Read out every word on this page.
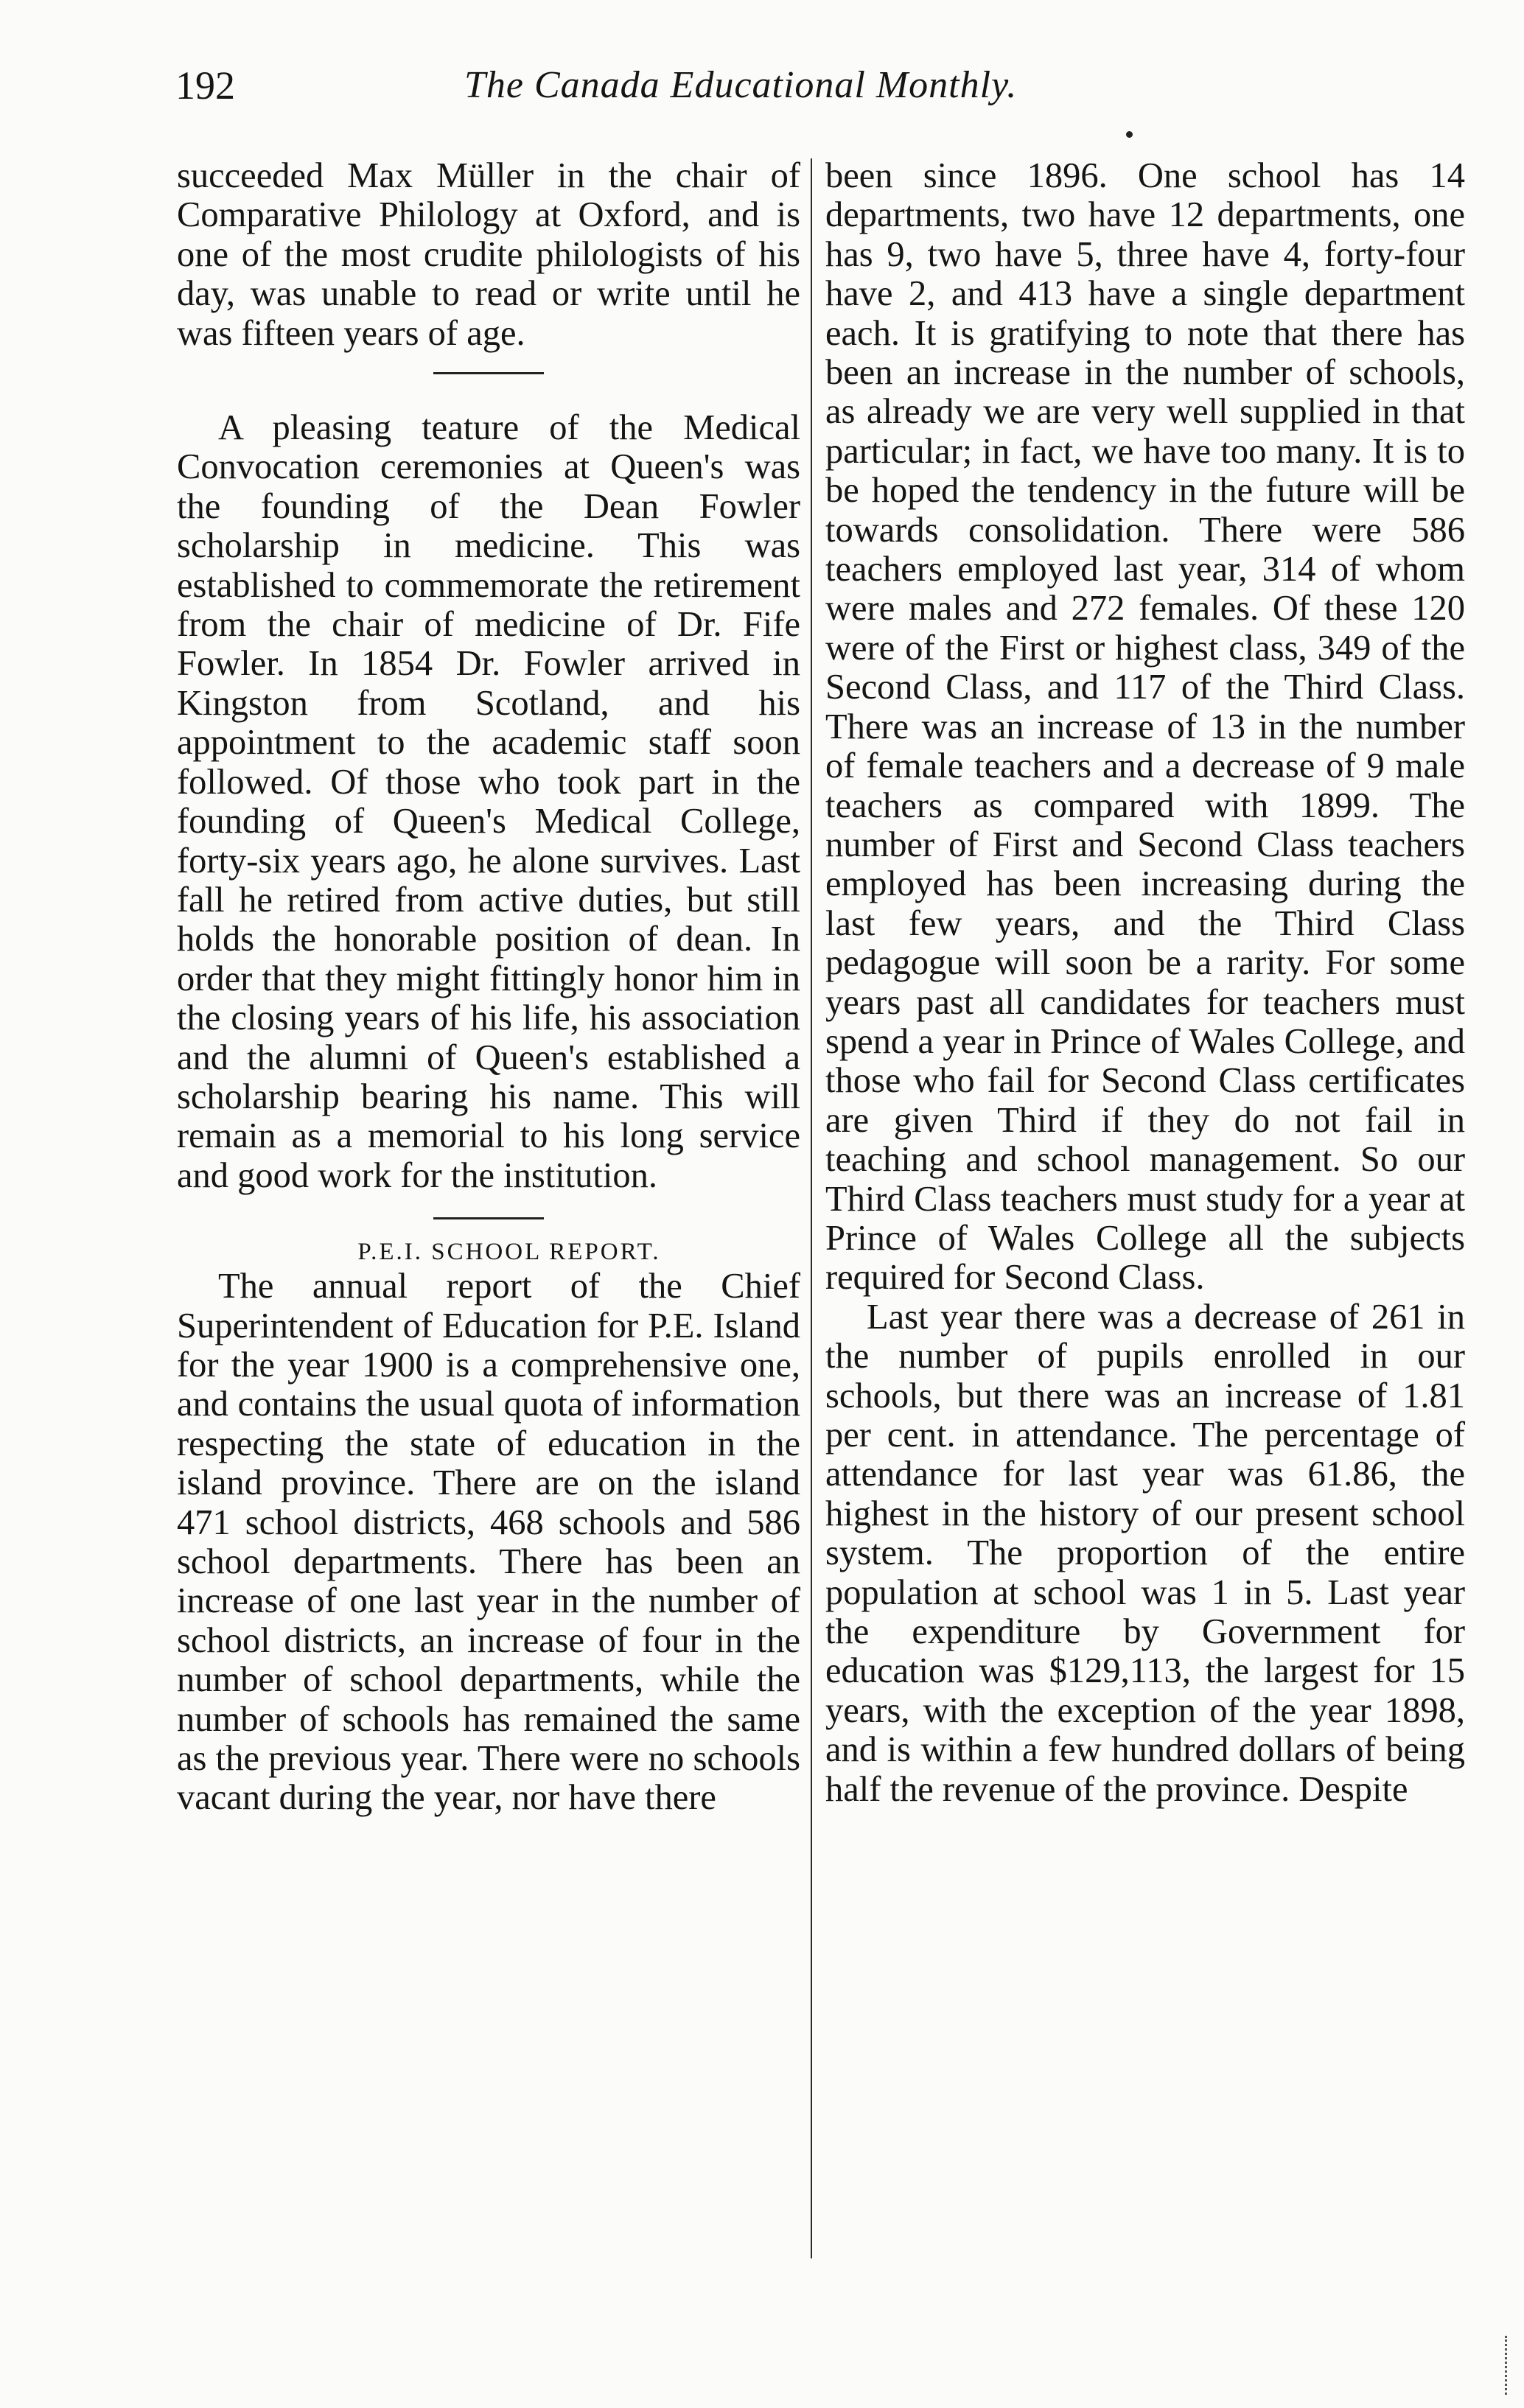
192	The Canada Educational Monthly.

succeeded Max Müller in the chair of Comparative Philology at Oxford, and is one of the most crudite philologists of his day, was unable to read or write until he was fifteen years of age.

A pleasing teature of the Medical Convocation ceremonies at Queen's was the founding of the Dean Fowler scholarship in medicine. This was established to commemorate the retirement from the chair of medicine of Dr. Fife Fowler. In 1854 Dr. Fowler arrived in Kingston from Scotland, and his appointment to the academic staff soon followed. Of those who took part in the founding of Queen's Medical College, forty-six years ago, he alone survives. Last fall he retired from active duties, but still holds the honorable position of dean. In order that they might fittingly honor him in the closing years of his life, his association and the alumni of Queen's established a scholarship bearing his name. This will remain as a memorial to his long service and good work for the institution.

P.E.I. SCHOOL REPORT.

The annual report of the Chief Superintendent of Education for P.E. Island for the year 1900 is a comprehensive one, and contains the usual quota of information respecting the state of education in the island province. There are on the island 471 school districts, 468 schools and 586 school departments. There has been an increase of one last year in the number of school districts, an increase of four in the number of school departments, while the number of schools has remained the same as the previous year. There were no schools vacant during the year, nor have there

been since 1896. One school has 14 departments, two have 12 departments, one has 9, two have 5, three have 4, forty-four have 2, and 413 have a single department each. It is gratifying to note that there has been an increase in the number of schools, as already we are very well supplied in that particular; in fact, we have too many. It is to be hoped the tendency in the future will be towards consolidation. There were 586 teachers employed last year, 314 of whom were males and 272 females. Of these 120 were of the First or highest class, 349 of the Second Class, and 117 of the Third Class. There was an increase of 13 in the number of female teachers and a decrease of 9 male teachers as compared with 1899. The number of First and Second Class teachers employed has been increasing during the last few years, and the Third Class pedagogue will soon be a rarity. For some years past all candidates for teachers must spend a year in Prince of Wales College, and those who fail for Second Class certificates are given Third if they do not fail in teaching and school management. So our Third Class teachers must study for a year at Prince of Wales College all the subjects required for Second Class.

Last year there was a decrease of 261 in the number of pupils enrolled in our schools, but there was an increase of 1.81 per cent. in attendance. The percentage of attendance for last year was 61.86, the highest in the history of our present school system. The proportion of the entire population at school was 1 in 5. Last year the expenditure by Government for education was $129,113, the largest for 15 years, with the exception of the year 1898, and is within a few hundred dollars of being half the revenue of the province. Despite
